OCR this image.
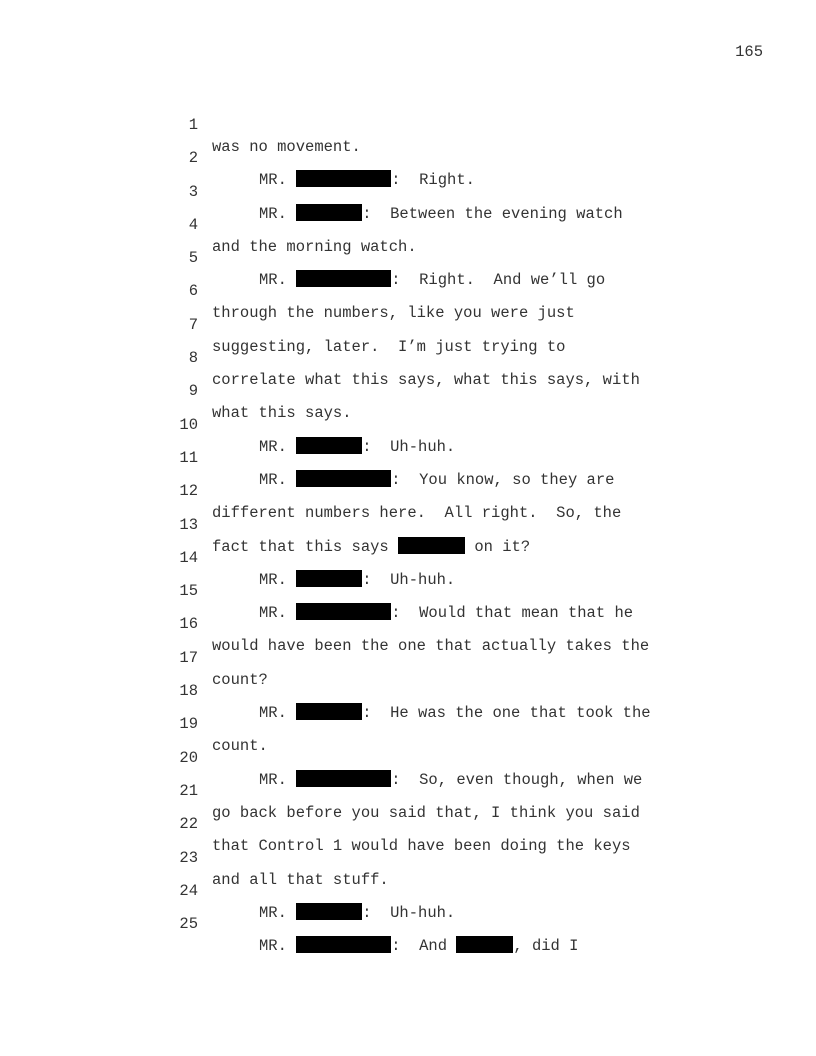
165

1

was no movement.

2

MR.	:  Right.

3

MR.	:  Between the evening watch

4

and the morning watch.

5

MR.	:  Right.  And we’ll go

6

through the numbers, like you were just

7

suggesting, later.  I’m just trying to

8

correlate what this says, what this says, with

9

what this says.

10

MR.	:  Uh-huh.

11

MR.	:  You know, so they are

12

different numbers here.  All right.  So, the

13

fact that this says	on it?

14

MR.	:  Uh-huh.

15

MR.	:  Would that mean that he

16

would have been the one that actually takes the

17

count?

18

MR.	:  He was the one that took the

19

count.

20

MR.	:  So, even though, when we

21

go back before you said that, I think you said

22

that Control 1 would have been doing the keys

23

and all that stuff.

24

MR.	:  Uh-huh.

25

MR.	:  And	, did I
